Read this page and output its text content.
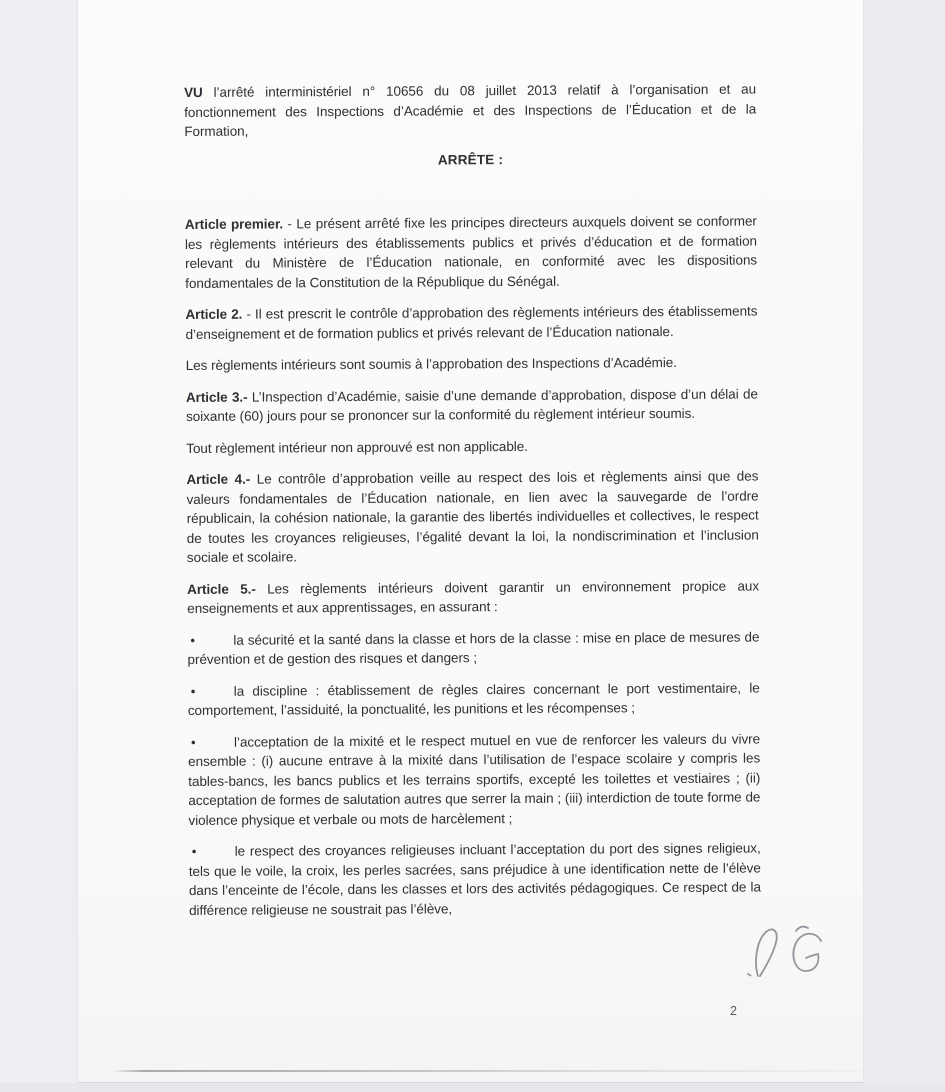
VU l’arrêté interministériel n° 10656 du 08 juillet 2013 relatif à l’organisation et au fonctionnement des Inspections d’Académie et des Inspections de l’Éducation et de la Formation,

ARRÊTE :

Article premier. - Le présent arrêté fixe les principes directeurs auxquels doivent se conformer les règlements intérieurs des établissements publics et privés d’éducation et de formation relevant du Ministère de l’Éducation nationale, en conformité avec les dispositions fondamentales de la Constitution de la République du Sénégal.

Article 2. - Il est prescrit le contrôle d’approbation des règlements intérieurs des établissements d’enseignement et de formation publics et privés relevant de l’Éducation nationale.

Les règlements intérieurs sont soumis à l’approbation des Inspections d’Académie.

Article 3.- L’Inspection d’Académie, saisie d’une demande d’approbation, dispose d’un délai de soixante (60) jours pour se prononcer sur la conformité du règlement intérieur soumis.

Tout règlement intérieur non approuvé est non applicable.

Article 4.- Le contrôle d’approbation veille au respect des lois et règlements ainsi que des valeurs fondamentales de l’Éducation nationale, en lien avec la sauvegarde de l’ordre républicain, la cohésion nationale, la garantie des libertés individuelles et collectives, le respect de toutes les croyances religieuses, l’égalité devant la loi, la nondiscrimination et l’inclusion sociale et scolaire.

Article 5.- Les règlements intérieurs doivent garantir un environnement propice aux enseignements et aux apprentissages, en assurant :

•	la sécurité et la santé dans la classe et hors de la classe : mise en place de mesures de prévention et de gestion des risques et dangers ;

•	la discipline : établissement de règles claires concernant le port vestimentaire, le comportement, l’assiduité, la ponctualité, les punitions et les récompenses ;

•	l’acceptation de la mixité et le respect mutuel en vue de renforcer les valeurs du vivre ensemble : (i) aucune entrave à la mixité dans l’utilisation de l’espace scolaire y compris les tables-bancs, les bancs publics et les terrains sportifs, excepté les toilettes et vestiaires ; (ii) acceptation de formes de salutation autres que serrer la main ; (iii) interdiction de toute forme de violence physique et verbale ou mots de harcèlement ;

•	le respect des croyances religieuses incluant l’acceptation du port des signes religieux, tels que le voile, la croix, les perles sacrées, sans préjudice à une identification nette de l’élève dans l’enceinte de l’école, dans les classes et lors des activités pédagogiques. Ce respect de la différence religieuse ne soustrait pas l’élève,

2
